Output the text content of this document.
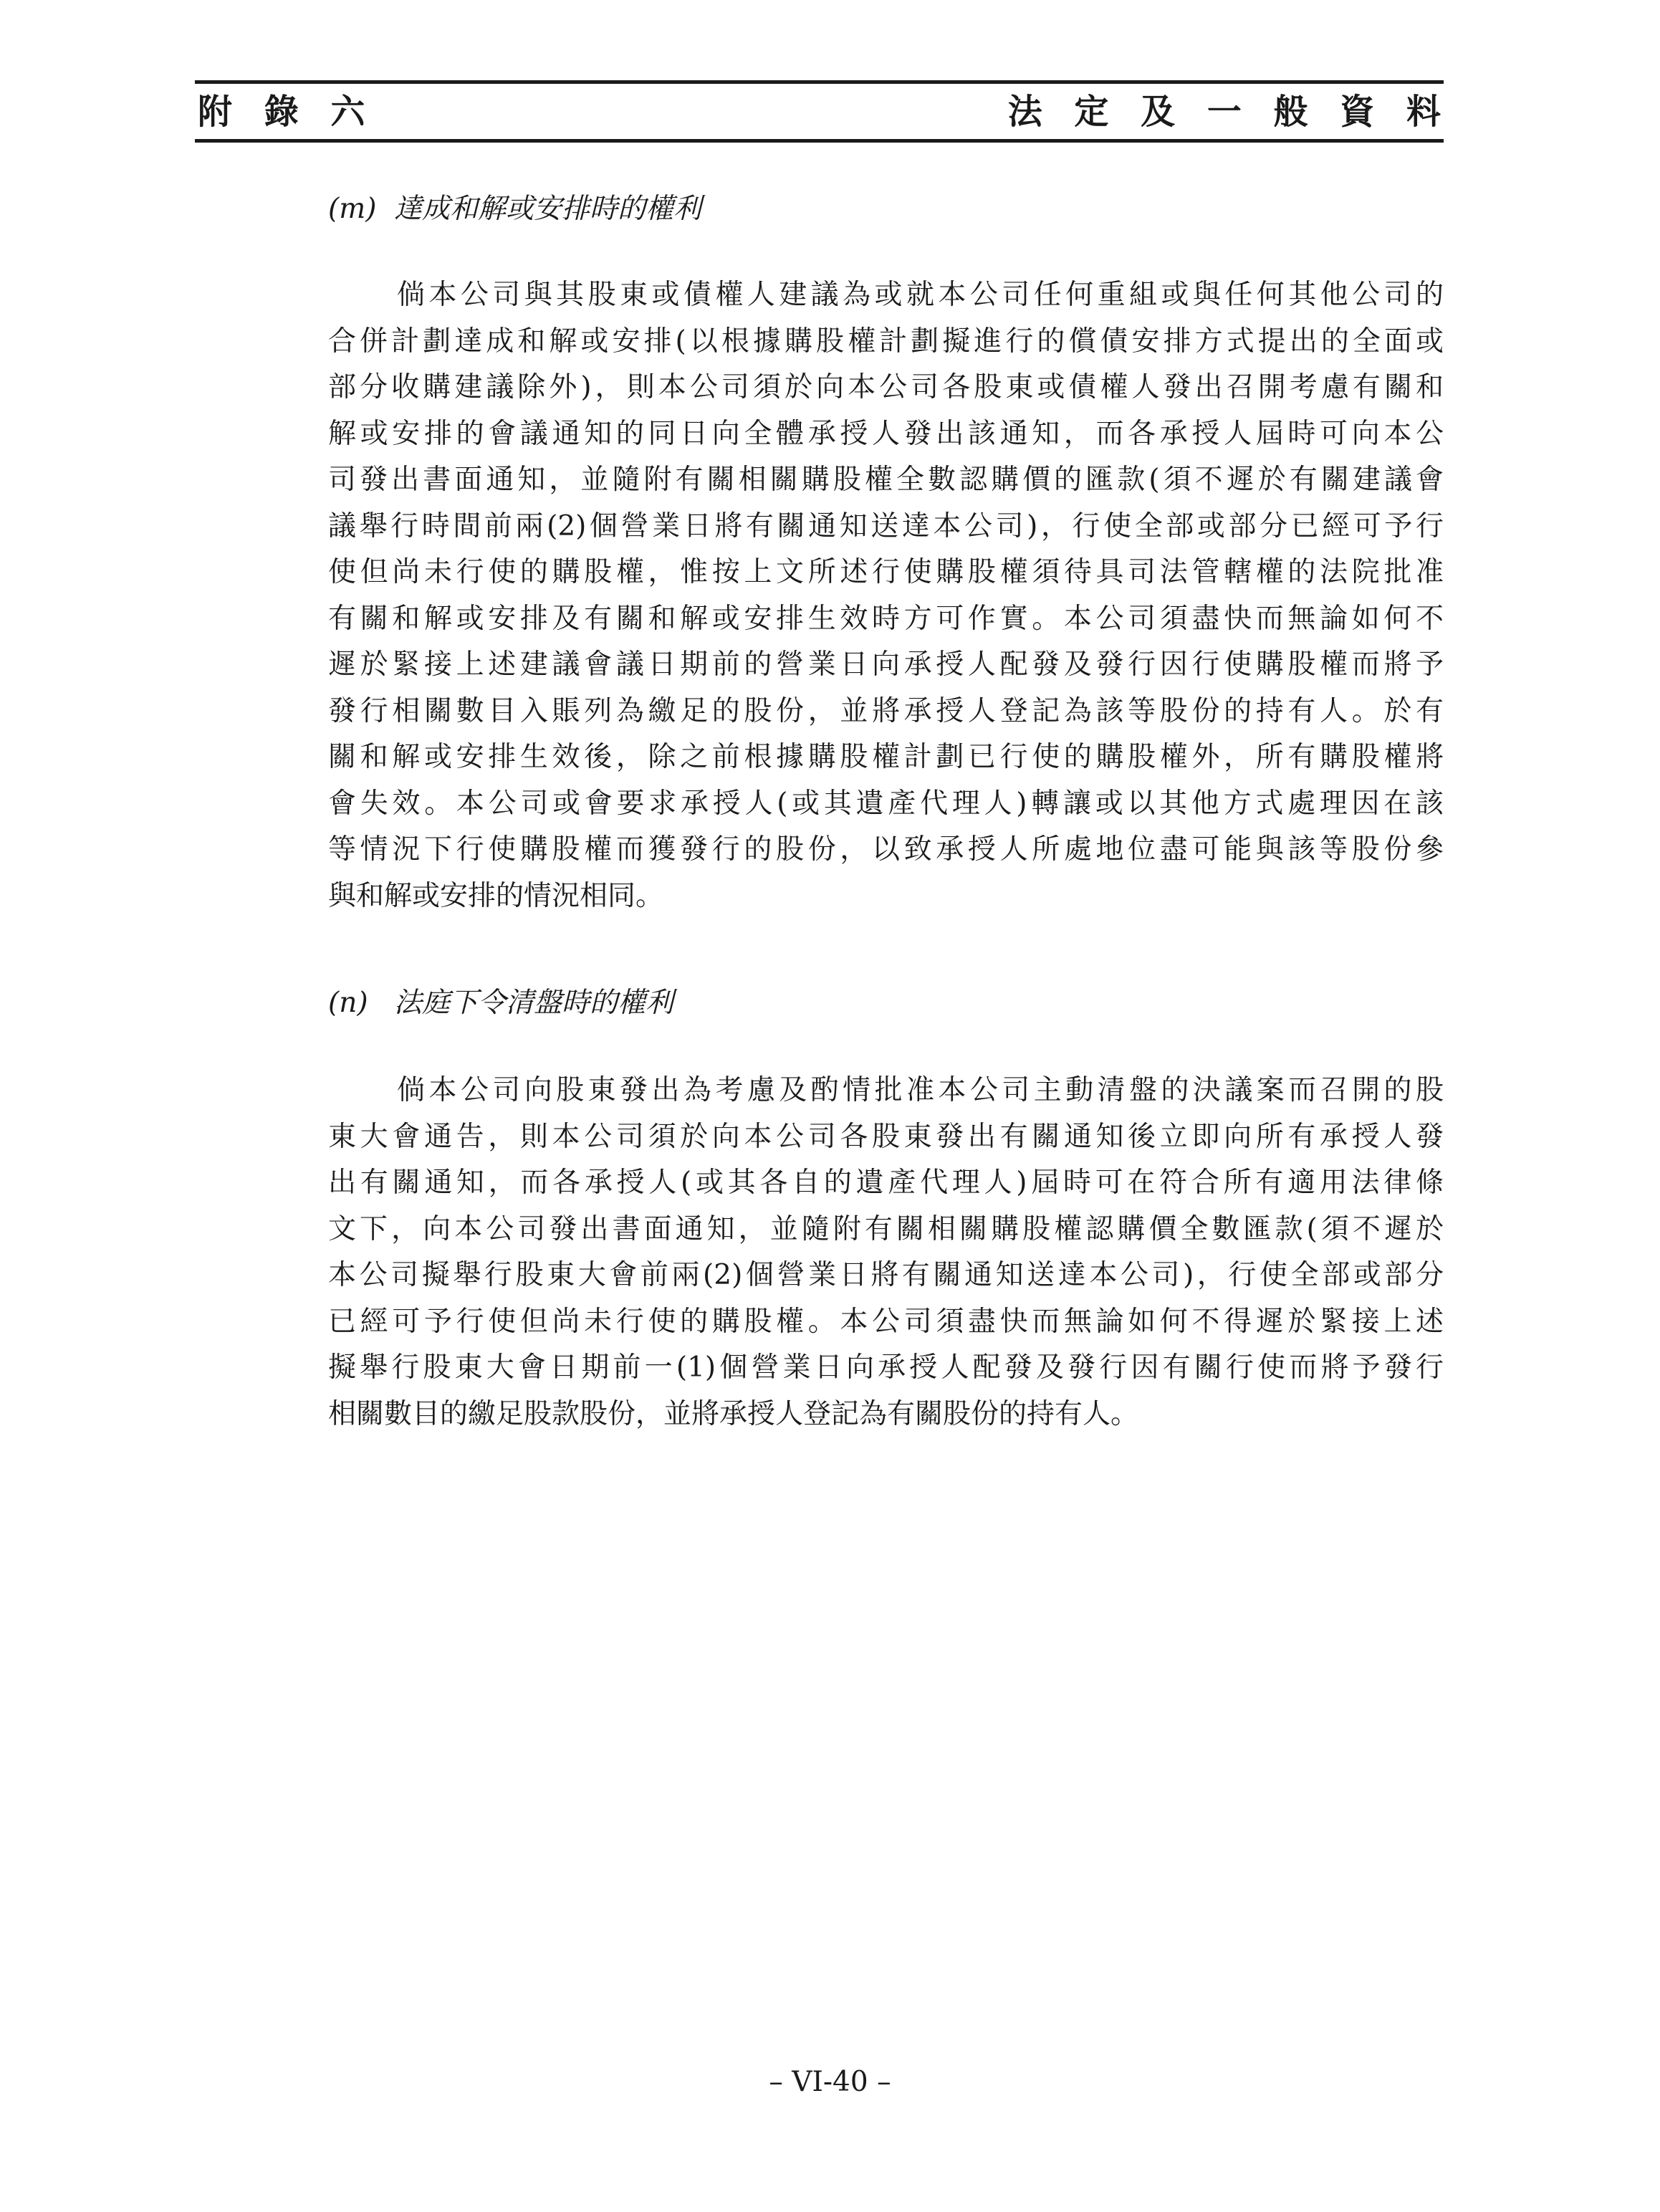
附 錄 六	法 定 及 一 般 資 料
(m) 達成和解或安排時的權利
倘本公司與其股東或債權人建議為或就本公司任何重組或與任何其他公司的
合併計劃達成和解或安排(以根據購股權計劃擬進行的償債安排方式提出的全面或
部分收購建議除外)，則本公司須於向本公司各股東或債權人發出召開考慮有關和
解或安排的會議通知的同日向全體承授人發出該通知，而各承授人屆時可向本公
司發出書面通知，並隨附有關相關購股權全數認購價的匯款(須不遲於有關建議會
議舉行時間前兩(2)個營業日將有關通知送達本公司)，行使全部或部分已經可予行
使但尚未行使的購股權，惟按上文所述行使購股權須待具司法管轄權的法院批准
有關和解或安排及有關和解或安排生效時方可作實。本公司須盡快而無論如何不
遲於緊接上述建議會議日期前的營業日向承授人配發及發行因行使購股權而將予
發行相關數目入賬列為繳足的股份，並將承授人登記為該等股份的持有人。於有
關和解或安排生效後，除之前根據購股權計劃已行使的購股權外，所有購股權將
會失效。本公司或會要求承授人(或其遺產代理人)轉讓或以其他方式處理因在該
等情況下行使購股權而獲發行的股份，以致承授人所處地位盡可能與該等股份參
與和解或安排的情況相同。
(n) 法庭下令清盤時的權利
倘本公司向股東發出為考慮及酌情批准本公司主動清盤的決議案而召開的股
東大會通告，則本公司須於向本公司各股東發出有關通知後立即向所有承授人發
出有關通知，而各承授人(或其各自的遺產代理人)屆時可在符合所有適用法律條
文下，向本公司發出書面通知，並隨附有關相關購股權認購價全數匯款(須不遲於
本公司擬舉行股東大會前兩(2)個營業日將有關通知送達本公司)，行使全部或部分
已經可予行使但尚未行使的購股權。本公司須盡快而無論如何不得遲於緊接上述
擬舉行股東大會日期前一(1)個營業日向承授人配發及發行因有關行使而將予發行
相關數目的繳足股款股份，並將承授人登記為有關股份的持有人。
– VI-40 –
